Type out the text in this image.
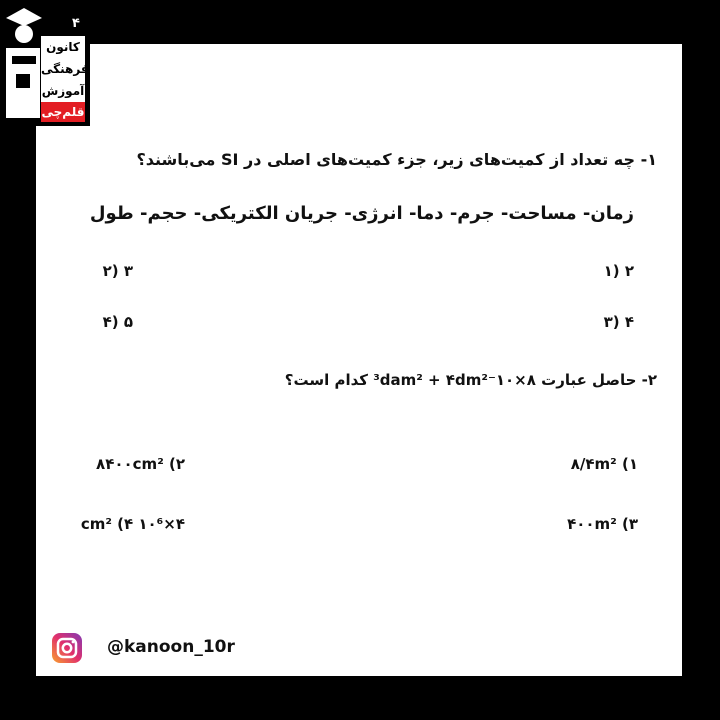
۴
کانون
فرهنگی
آموزش
قلم‌چی
۱- چه تعداد از کمیت‌های زیر، جزء کمیت‌های اصلی در SI می‌باشند؟
زمان- مساحت- جرم- دما- انرژی- جریان الکتریکی- حجم- طول
۲ (۱
۳ (۲
۴ (۳
۵ (۴
۲- حاصل عبارت ۸×۱۰⁻³dam² + ۴dm² کدام است؟
۸/۴m² (۱
۸۴۰۰cm² (۲
۴۰۰m² (۳
۴×۱۰⁶ cm² (۴
@kanoon_10r
